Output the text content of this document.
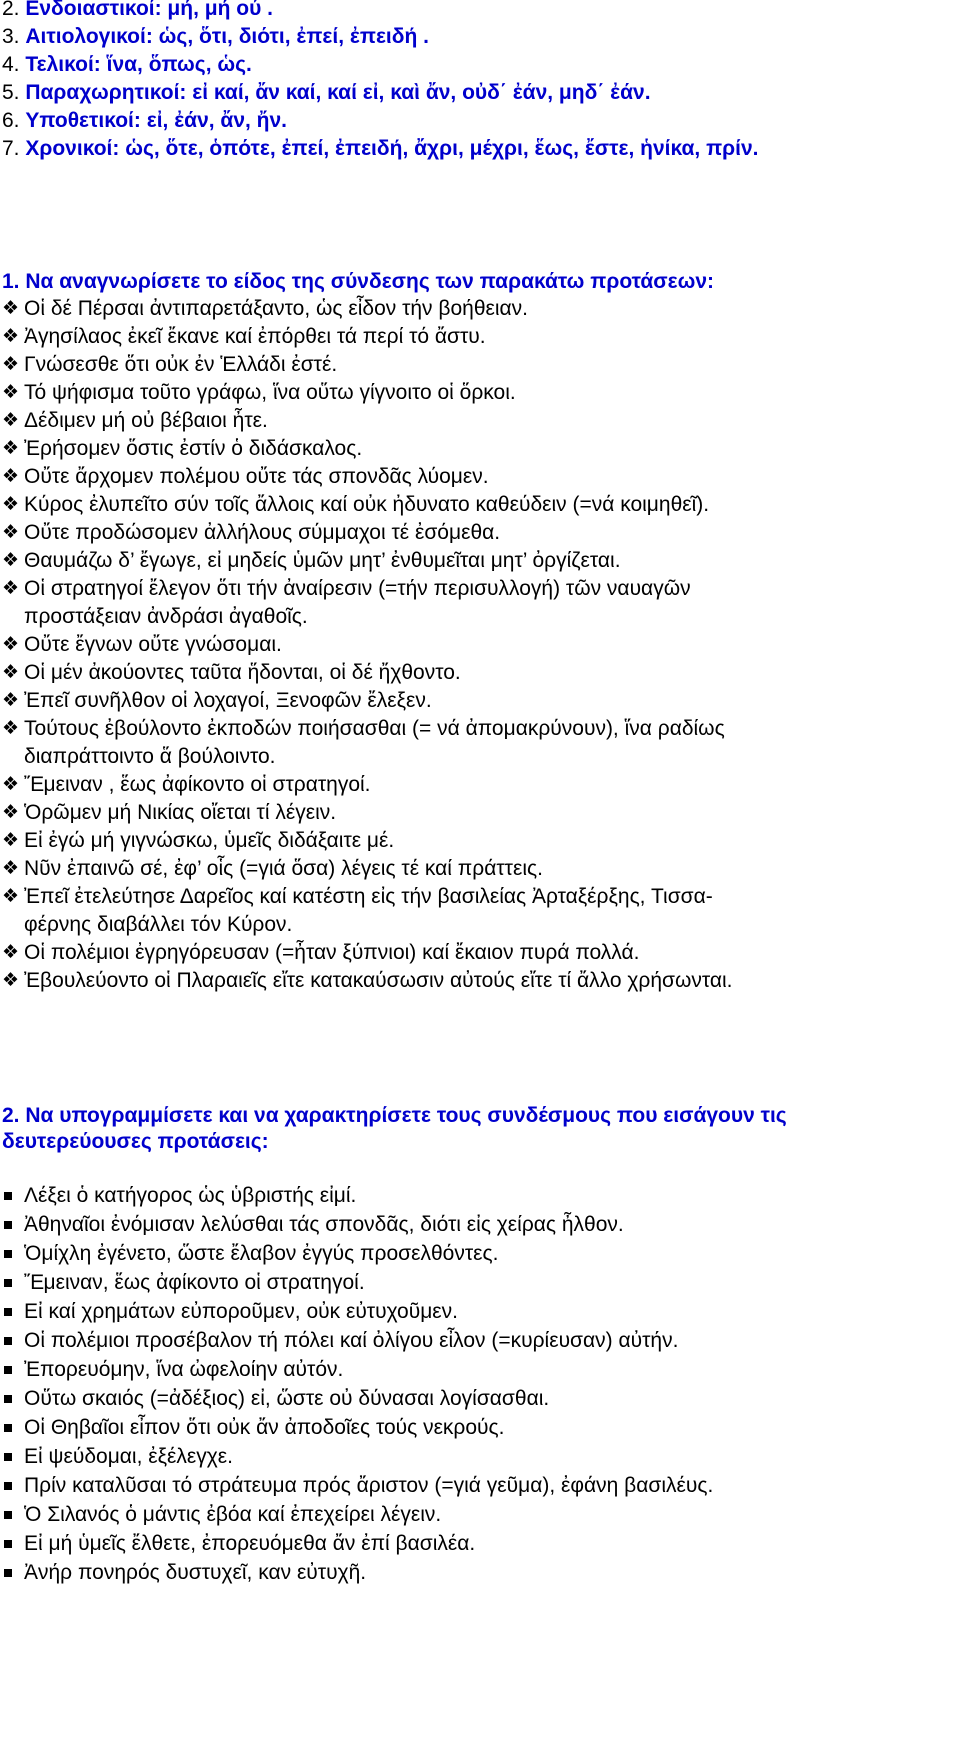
2. Ενδοιαστικοί: μή, μή ού .
3. Αιτιολογικοί: ὡς, ὅτι, διότι, ἐπεί, ἐπειδή .
4. Τελικοί: ἵνα, ὅπως, ὡς.
5. Παραχωρητικοί: εἰ καί, ἄν καί, καί εἰ, καὶ ἄν, οὐδ΄ ἐάν, μηδ΄ ἐάν.
6. Υποθετικοί: εἰ, ἐάν, ἄν, ἤν.
7. Χρονικοί: ὡς, ὅτε, ὁπότε, ἐπεί, ἐπειδή, ἄχρι, μέχρι, ἕως, ἔστε, ἡνίκα, πρίν.
1. Να αναγνωρίσετε το είδος της σύνδεσης των παρακάτω προτάσεων:
❖ Οἱ δέ Πέρσαι ἀντιπαρετάξαντο, ὡς εἶδον τήν βοήθειαν.
❖ Ἀγησίλαος ἐκεῖ ἔκανε καί ἐπόρθει τά περί τό ἄστυ.
❖ Γνώσεσθε ὅτι οὐκ ἐν Ἑλλάδι ἐστέ.
❖ Τό ψήφισμα τοῦτο γράφω, ἵνα οὕτω γίγνοιτο οἱ ὅρκοι.
❖ Δέδιμεν μή οὐ βέβαιοι ἦτε.
❖ Ἐρήσομεν ὅστις ἐστίν ὁ διδάσκαλος.
❖ Οὔτε ἄρχομεν πολέμου οὔτε τάς σπονδᾶς λύομεν.
❖ Κύρος ἐλυπεῖτο σύν τοῖς ἄλλοις καί οὐκ ἠδυνατο καθεύδειν (=νά κοιμηθεῖ).
❖ Οὔτε προδώσομεν ἀλλήλους σύμμαχοι τέ ἐσόμεθα.
❖ Θαυμάζω δ’ ἔγωγε, εἰ μηδείς ὑμῶν μητ’ ἐνθυμεῖται μητ’ ὀργίζεται.
❖ Οἱ στρατηγοί ἔλεγον ὅτι τήν ἀναίρεσιν (=τήν περισυλλογή) τῶν ναυαγῶν
προστάξειαν ἀνδράσι ἀγαθοῖς.
❖ Οὔτε ἔγνων οὔτε γνώσομαι.
❖ Οἱ μέν ἀκούοντες ταῦτα ἥδονται, οἱ δέ ἤχθοντο.
❖ Ἐπεῖ συνῆλθον οἱ λοχαγοί, Ξενοφῶν ἔλεξεν.
❖ Τούτους ἐβούλοντο ἐκποδών ποιήσασθαι (= νά ἀπομακρύνουν), ἵνα ραδίως
διαπράττοιντο ἅ βούλοιντο.
❖ Ἔμειναν , ἕως ἀφίκοντο οἱ στρατηγοί.
❖ Ὁρῶμεν μή Νικίας οἴεται τί λέγειν.
❖ Εἰ ἐγώ μή γιγνώσκω, ὑμεῖς διδάξαιτε μέ.
❖ Νῦν ἐπαινῶ σέ, ἐφ’ οἷς (=γιά ὅσα) λέγεις τέ καί πράττεις.
❖ Ἐπεῖ ἐτελεύτησε Δαρεῖος καί κατέστη εἰς τήν βασιλείας Ἀρταξέρξης, Τισσα-
φέρνης διαβάλλει τόν Κύρον.
❖ Οἱ πολέμιοι ἐγρηγόρευσαν (=ἦταν ξύπνιοι) καί ἔκαιον πυρά πολλά.
❖ Ἐβουλεύοντο οἱ Πλαραιεῖς εἴτε κατακαύσωσιν αὐτούς εἴτε τί ἄλλο χρήσωνται.
2. Να υπογραμμίσετε και να χαρακτηρίσετε τους συνδέσμους που εισάγουν τις
δευτερεύουσες προτάσεις:
Λέξει ὁ κατήγορος ὡς ὑβριστής εἰμί.
Ἀθηναῖοι ἐνόμισαν λελύσθαι τάς σπονδᾶς, διότι εἰς χείρας ἦλθον.
Ὁμίχλη ἐγένετο, ὥστε ἔλαβον ἐγγύς προσελθόντες.
Ἔμειναν, ἕως ἀφίκοντο οἱ στρατηγοί.
Εἰ καί χρημάτων εὐποροῦμεν, οὐκ εὐτυχοῦμεν.
Οἱ πολέμιοι προσέβαλον τή πόλει καί ὀλίγου εἶλον (=κυρίευσαν) αὐτήν.
Ἐπορευόμην, ἵνα ὠφελοίην αὐτόν.
Οὕτω σκαιός (=ἀδέξιος) εἰ, ὥστε οὐ δύνασαι λογίσασθαι.
Οἱ Θηβαῖοι εἶπον ὅτι οὐκ ἄν ἀποδοῖες τούς νεκρούς.
Εἰ ψεύδομαι, ἐξέλεγχε.
Πρίν καταλῦσαι τό στράτευμα πρός ἄριστον (=γιά γεῦμα), ἐφάνη βασιλέυς.
Ὁ Σιλανός ὁ μάντις ἐβόα καί ἐπεχείρει λέγειν.
Εἰ μή ὑμεῖς ἔλθετε, ἐπορευόμεθα ἄν ἐπί βασιλέα.
Ἀνήρ πονηρός δυστυχεῖ, καν εὐτυχῆ.
